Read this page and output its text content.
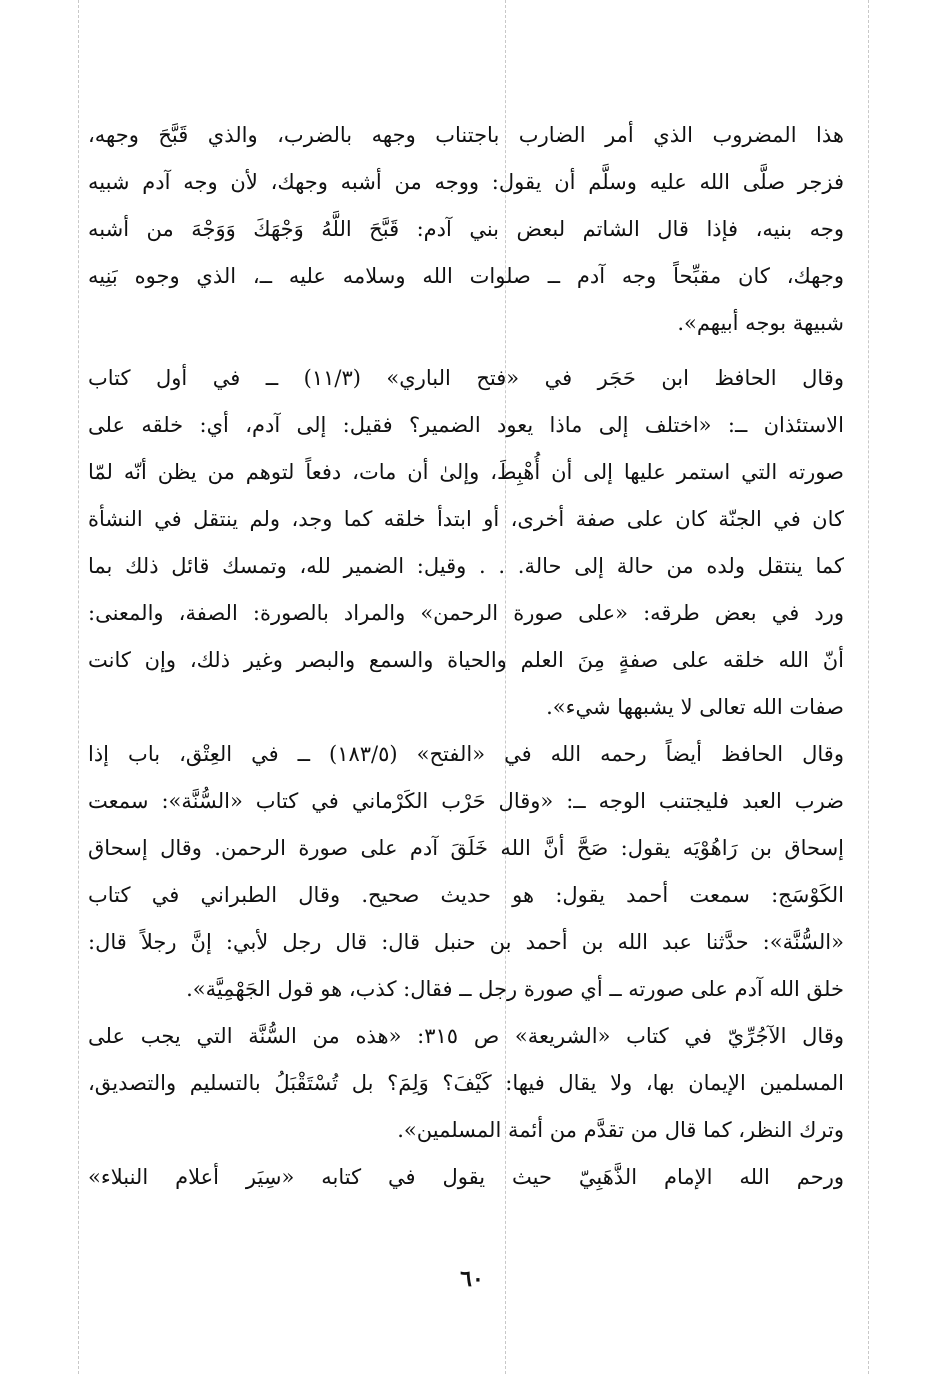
هذا المضروب الذي أمر الضارب باجتناب وجهه بالضرب، والذي قَبَّحَ وجهه،
فزجر صلَّى الله عليه وسلَّم أن يقول: ووجه من أشبه وجهك، لأن وجه آدم شبيه
وجه بنيه، فإذا قال الشاتم لبعض بني آدم: قَبَّحَ اللَّهُ وَجْهَكَ وَوَجْهَ من أشبه
وجهك، كان مقبِّحاً وجه آدم ــ صلوات الله وسلامه عليه ــ، الذي وجوه بَنِيه
شبيهة بوجه أبيهم».
وقال الحافظ ابن حَجَر في «فتح الباري» (١١/٣) ــ في أول كتاب
الاستئذان ــ: «اختلف إلى ماذا يعود الضمير؟ فقيل: إلى آدم، أي: خلقه على
صورته التي استمر عليها إلى أن أُهْبِطَ، وإلىٰ أن مات، دفعاً لتوهم من يظن أنّه لمّا
كان في الجنّة كان على صفة أخرى، أو ابتدأ خلقه كما وجد، ولم ينتقل في النشأة
كما ينتقل ولده من حالة إلى حالة. . . وقيل: الضمير لله، وتمسك قائل ذلك بما
ورد في بعض طرقه: «على صورة الرحمن» والمراد بالصورة: الصفة، والمعنى:
أنّ الله خلقه على صفةٍ مِنَ العلم والحياة والسمع والبصر وغير ذلك، وإن كانت
صفات الله تعالى لا يشبهها شيء».
وقال الحافظ أيضاً رحمه الله في «الفتح» (١٨٣/٥) ــ في العِتْق، باب إذا
ضرب العبد فليجتنب الوجه ــ: «وقال حَرْب الكَرْماني في كتاب «السُّنَّة»: سمعت
إسحاق بن رَاهُوْيَه يقول: صَحَّ أنَّ الله خَلَقَ آدم على صورة الرحمن. وقال إسحاق
الكَوْسَج: سمعت أحمد يقول: هو حديث صحيح. وقال الطبراني في كتاب
«السُّنَّة»: حدَّثنا عبد الله بن أحمد بن حنبل قال: قال رجل لأبي: إنَّ رجلاً قال:
خلق الله آدم على صورته ــ أي صورة رجل ــ فقال: كذب، هو قول الجَهْمِيَّة».
وقال الآجُرِّيّ في كتاب «الشريعة» ص ٣١٥: «هذه من السُّنَّة التي يجب على
المسلمين الإيمان بها، ولا يقال فيها: كَيْفَ؟ وَلِمَ؟ بل تُسْتَقْبَلُ بالتسليم والتصديق،
وترك النظر، كما قال من تقدَّم من أئمة المسلمين».
ورحم الله الإمام الذَّهَبِيّ حيث يقول في كتابه «سِيَر أعلام النبلاء»
٦٠
